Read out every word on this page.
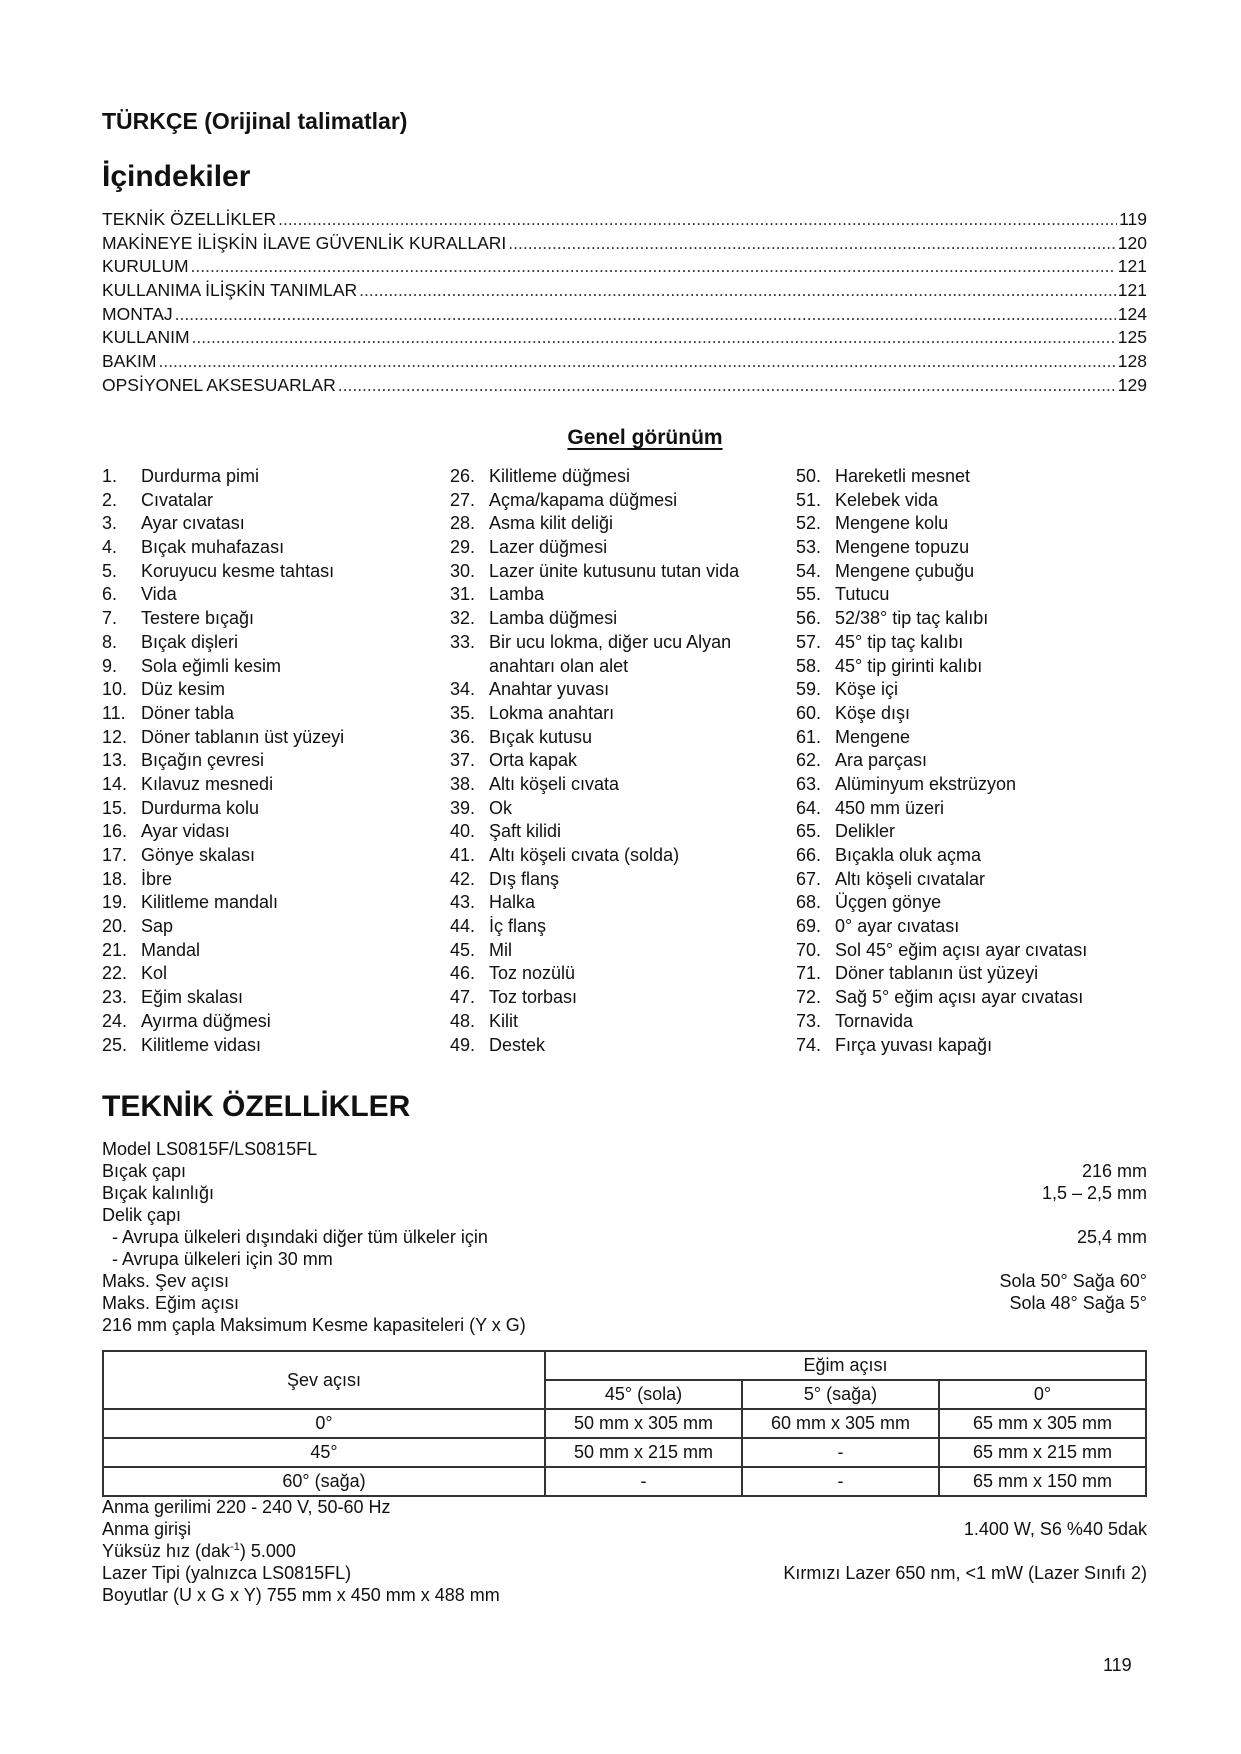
TÜRKÇE (Orijinal talimatlar)
İçindekiler
TEKNİK ÖZELLİKLER .....	119
MAKİNEYE İLİŞKİN İLAVE GÜVENLİK KURALLARI .....	120
KURULUM .....	121
KULLANIMA İLİŞKİN TANIMLAR .....	121
MONTAJ .....	124
KULLANIM .....	125
BAKIM .....	128
OPSİYONEL AKSESUARLAR .....	129
Genel görünüm
1.	Durdurma pimi
2.	Cıvatalar
3.	Ayar cıvatası
4.	Bıçak muhafazası
5.	Koruyucu kesme tahtası
6.	Vida
7.	Testere bıçağı
8.	Bıçak dişleri
9.	Sola eğimli kesim
10. Düz kesim
11. Döner tabla
12. Döner tablanın üst yüzeyi
13. Bıçağın çevresi
14. Kılavuz mesnedi
15. Durdurma kolu
16. Ayar vidası
17. Gönye skalası
18. İbre
19. Kilitleme mandalı
20. Sap
21. Mandal
22. Kol
23. Eğim skalası
24. Ayırma düğmesi
25. Kilitleme vidası
26. Kilitleme düğmesi
27. Açma/kapama düğmesi
28. Asma kilit deliği
29. Lazer düğmesi
30. Lazer ünite kutusunu tutan vida
31. Lamba
32. Lamba düğmesi
33. Bir ucu lokma, diğer ucu Alyan anahtarı olan alet
34. Anahtar yuvası
35. Lokma anahtarı
36. Bıçak kutusu
37. Orta kapak
38. Altı köşeli cıvata
39. Ok
40. Şaft kilidi
41. Altı köşeli cıvata (solda)
42. Dış flanş
43. Halka
44. İç flanş
45. Mil
46. Toz nozülü
47. Toz torbası
48. Kilit
49. Destek
50. Hareketli mesnet
51. Kelebek vida
52. Mengene kolu
53. Mengene topuzu
54. Mengene çubuğu
55. Tutucu
56. 52/38° tip taç kalıbı
57. 45° tip taç kalıbı
58. 45° tip girinti kalıbı
59. Köşe içi
60. Köşe dışı
61. Mengene
62. Ara parçası
63. Alüminyum ekstrüzyon
64. 450 mm üzeri
65. Delikler
66. Bıçakla oluk açma
67. Altı köşeli cıvatalar
68. Üçgen gönye
69. 0° ayar cıvatası
70. Sol 45° eğim açısı ayar cıvatası
71. Döner tablanın üst yüzeyi
72. Sağ 5° eğim açısı ayar cıvatası
73. Tornavida
74. Fırça yuvası kapağı
TEKNİK ÖZELLİKLER
Model LS0815F/LS0815FL
Bıçak çapı	216 mm
Bıçak kalınlığı	1,5 – 2,5 mm
Delik çapı
- Avrupa ülkeleri dışındaki diğer tüm ülkeler için	25,4 mm
- Avrupa ülkeleri için 30 mm
Maks. Şev açısı	Sola 50° Sağa 60°
Maks. Eğim açısı	Sola 48° Sağa 5°
216 mm çapla Maksimum Kesme kapasiteleri (Y x G)
Şev açısı	Eğim açısı		
	45° (sola)	5° (sağa)	0°
0°	50 mm x 305 mm	60 mm x 305 mm	65 mm x 305 mm
45°	50 mm x 215 mm	-	65 mm x 215 mm
60° (sağa)	-	-	65 mm x 150 mm
Anma gerilimi 220 - 240 V, 50-60 Hz
Anma girişi	1.400 W, S6 %40 5dak
Yüksüz hız (dak$^{-1}$) 5.000
Lazer Tipi (yalnızca LS0815FL)	Kırmızı Lazer 650 nm, <1 mW (Lazer Sınıfı 2)
Boyutlar (U x G x Y) 755 mm x 450 mm x 488 mm
119
